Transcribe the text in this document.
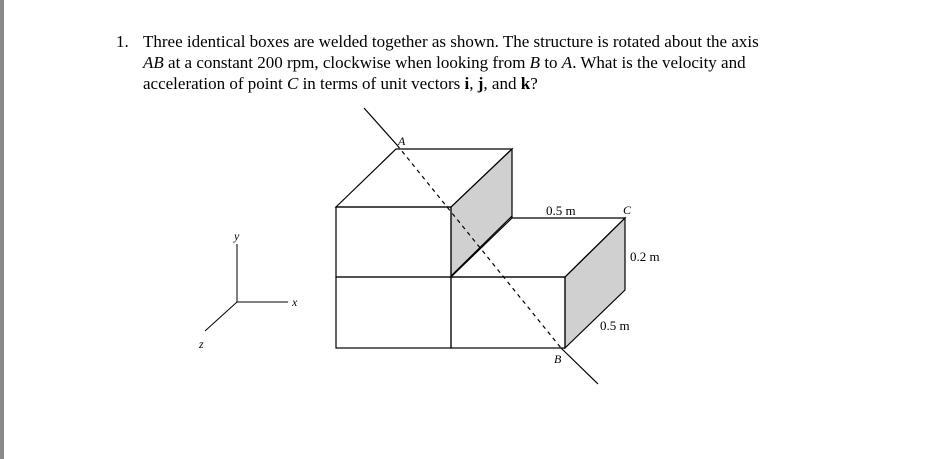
1. Three identical boxes are welded together as shown. The structure is rotated about the axis
AB at a constant 200 rpm, clockwise when looking from B to A. What is the velocity and
acceleration of point C in terms of unit vectors i, j, and k?
A
C
B
0.5 m
0.2 m
0.5 m
y
x
z
